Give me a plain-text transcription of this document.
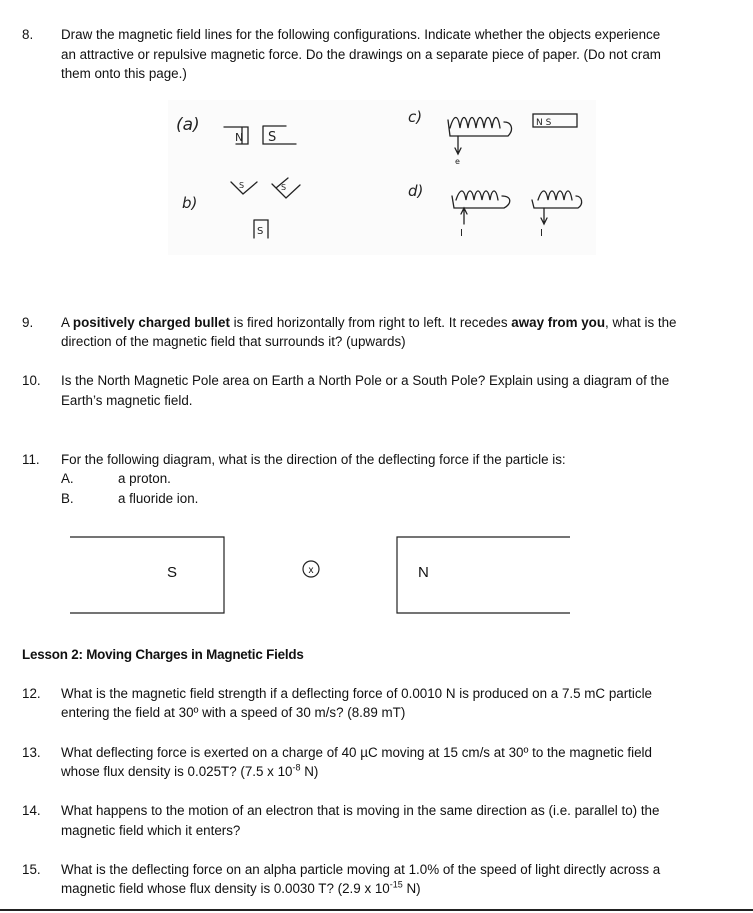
8. Draw the magnetic field lines for the following configurations. Indicate whether the objects experience
an attractive or repulsive magnetic force. Do the drawings on a separate piece of paper. (Do not cram
them onto this page.)
(a)
N S
b)
S	S
S
c)
e
N S
d)
I	I
9. A positively charged bullet is fired horizontally from right to left. It recedes away from you, what is the
direction of the magnetic field that surrounds it? (upwards)
10. Is the North Magnetic Pole area on Earth a North Pole or a South Pole? Explain using a diagram of the
Earth’s magnetic field.
11. For the following diagram, what is the direction of the deflecting force if the particle is:
A.	a proton.
B.	a fluoride ion.
S	x	N
Lesson 2: Moving Charges in Magnetic Fields
12. What is the magnetic field strength if a deflecting force of 0.0010 N is produced on a 7.5 mC particle
entering the field at 30º with a speed of 30 m/s? (8.89 mT)
13. What deflecting force is exerted on a charge of 40 µC moving at 15 cm/s at 30º to the magnetic field
whose flux density is 0.025T? (7.5 x $10^{-8}$ N)
14. What happens to the motion of an electron that is moving in the same direction as (i.e. parallel to) the
magnetic field which it enters?
15. What is the deflecting force on an alpha particle moving at 1.0% of the speed of light directly across a
magnetic field whose flux density is 0.0030 T? (2.9 x $10^{-15}$ N)
